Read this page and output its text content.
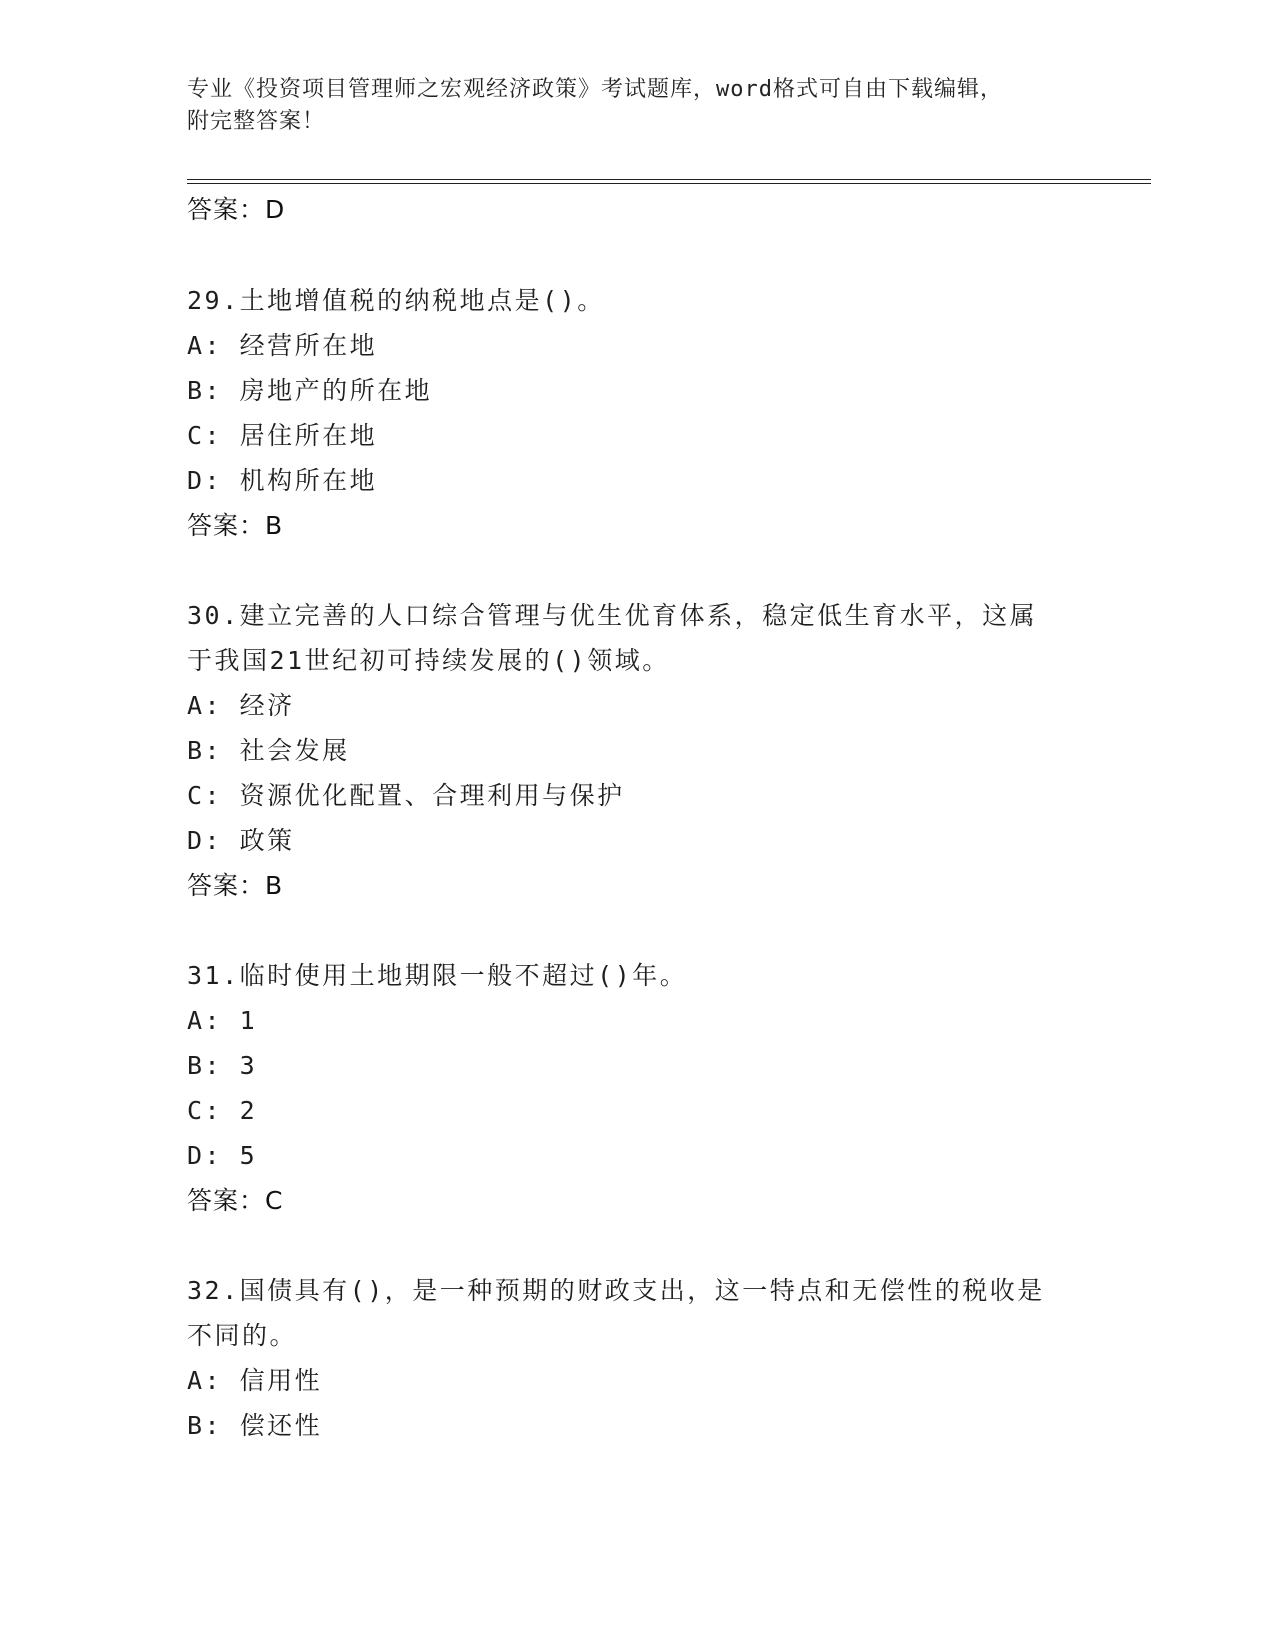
专业《投资项目管理师之宏观经济政策》考试题库，word格式可自由下载编辑，
附完整答案！
答案：D
29.土地增值税的纳税地点是()。
A: 经营所在地
B: 房地产的所在地
C: 居住所在地
D: 机构所在地
答案：B
30.建立完善的人口综合管理与优生优育体系，稳定低生育水平，这属
于我国21世纪初可持续发展的()领域。
A: 经济
B: 社会发展
C: 资源优化配置、合理利用与保护
D: 政策
答案：B
31.临时使用土地期限一般不超过()年。
A: 1
B: 3
C: 2
D: 5
答案：C
32.国债具有()，是一种预期的财政支出，这一特点和无偿性的税收是
不同的。
A: 信用性
B: 偿还性
